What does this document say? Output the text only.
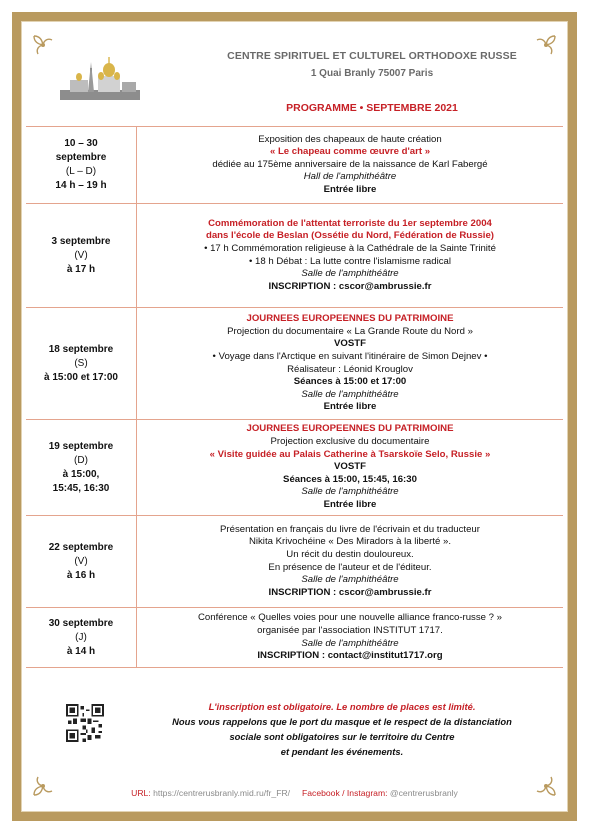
CENTRE SPIRITUEL ET CULTUREL ORTHODOXE RUSSE
1 Quai Branly 75007 Paris
PROGRAMME • SEPTEMBRE 2021
10 – 30
septembre
(L – D)
14 h – 19 h
Exposition des chapeaux de haute création
« Le chapeau comme œuvre d'art »
dédiée au 175ème anniversaire de la naissance de Karl Fabergé
Hall de l'amphithéâtre
Entrée libre
3 septembre
(V)
à 17 h
Commémoration de l'attentat terroriste du 1er septembre 2004
dans l'école de Beslan (Ossétie du Nord, Fédération de Russie)
• 17 h Commémoration religieuse à la Cathédrale de la Sainte Trinité
• 18 h Débat : La lutte contre l'islamisme radical
Salle de l'amphithéâtre
INSCRIPTION : cscor@ambrussie.fr
18 septembre
(S)
à 15:00 et 17:00
JOURNEES EUROPEENNES DU PATRIMOINE
Projection du documentaire « La Grande Route du Nord »
VOSTF
• Voyage dans l'Arctique en suivant l'itinéraire de Simon Dejnev •
Réalisateur : Léonid Krouglov
Séances à 15:00 et 17:00
Salle de l'amphithéâtre
Entrée libre
19 septembre
(D)
à 15:00,
15:45, 16:30
JOURNEES EUROPEENNES DU PATRIMOINE
Projection exclusive du documentaire
« Visite guidée au Palais Catherine à Tsarskoïe Selo, Russie »
VOSTF
Séances à 15:00, 15:45, 16:30
Salle de l'amphithéâtre
Entrée libre
22 septembre
(V)
à 16 h
Présentation en français du livre de l'écrivain et du traducteur
Nikita Krivochéine « Des Miradors à la liberté ».
Un récit du destin douloureux.
En présence de l'auteur et de l'éditeur.
Salle de l'amphithéâtre
INSCRIPTION : cscor@ambrussie.fr
30 septembre
(J)
à 14 h
Conférence « Quelles voies pour une nouvelle alliance franco-russe ? »
organisée par l'association INSTITUT 1717.
Salle de l'amphithéâtre
INSCRIPTION : contact@institut1717.org
L'inscription est obligatoire. Le nombre de places est limité.
Nous vous rappelons que le port du masque et le respect de la distanciation
sociale sont obligatoires sur le territoire du Centre
et pendant les événements.
URL: https://centrerusbranly.mid.ru/fr_FR/ Facebook / Instagram: @centrerusbranly
